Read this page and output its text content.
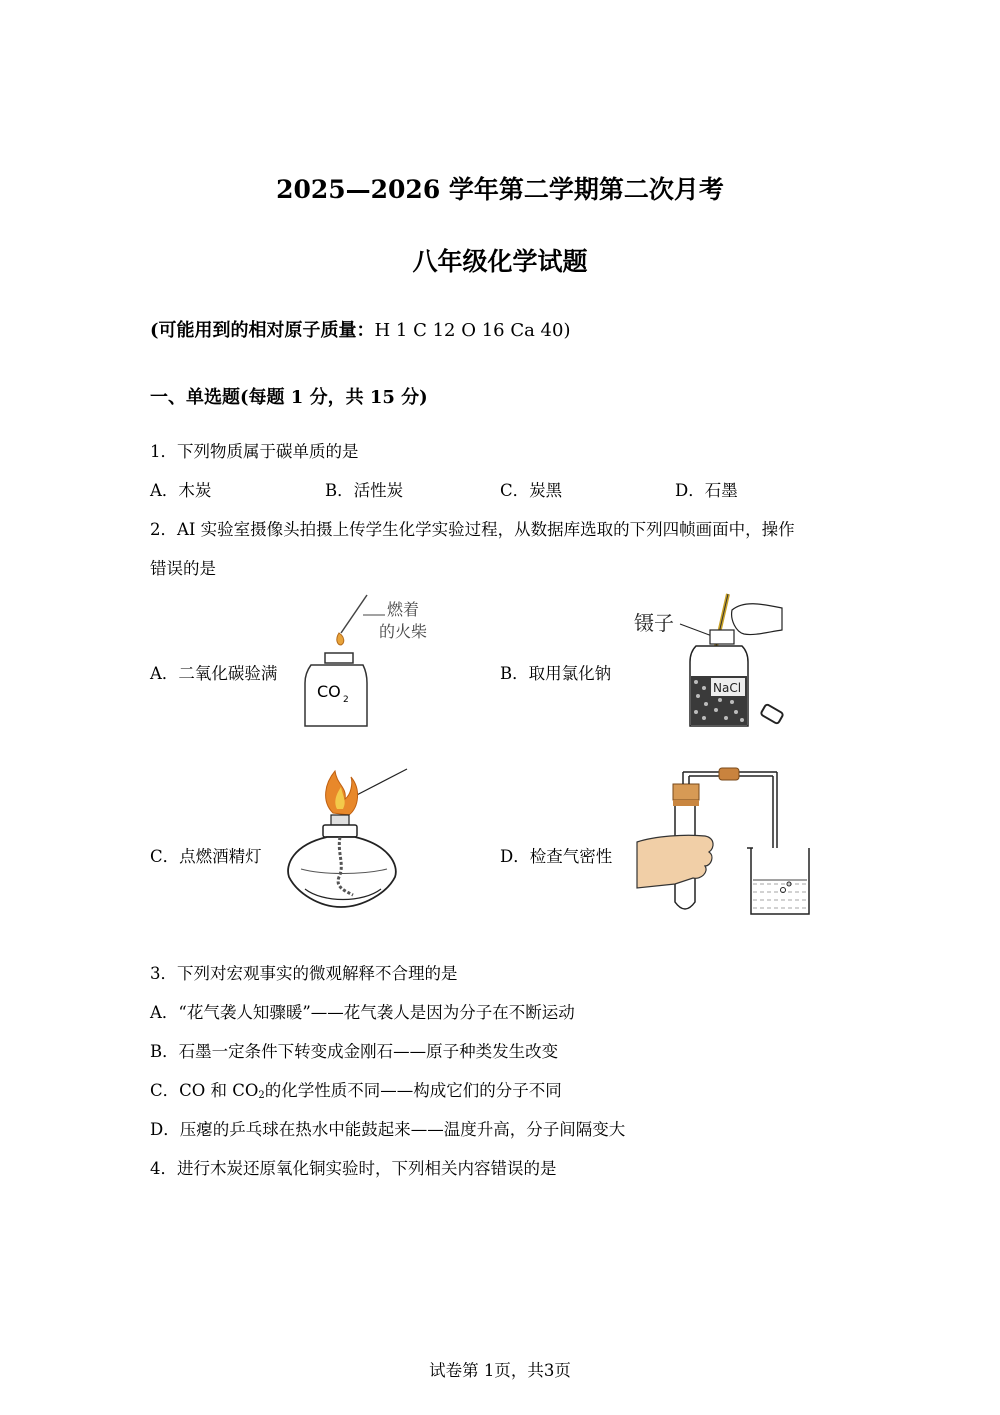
2025—2026 学年第二学期第二次月考
八年级化学试题
(可能用到的相对原子质量：H 1 C 12 O 16 Ca 40)
一、单选题(每题 1 分，共 15 分)
1．下列物质属于碳单质的是
A．木炭	B．活性炭	C．炭黑	D．石墨
2．AI 实验室摄像头拍摄上传学生化学实验过程，从数据库选取的下列四帧画面中，操作
错误的是
A．二氧化碳验满	B．取用氯化钠
C．点燃酒精灯	D．检查气密性
燃着
的火柴
CO 2
镊子
NaCl
3．下列对宏观事实的微观解释不合理的是
A．“花气袭人知骤暖”——花气袭人是因为分子在不断运动
B．石墨一定条件下转变成金刚石——原子种类发生改变
C．CO 和 $CO_2$的化学性质不同——构成它们的分子不同
D．压瘪的乒乓球在热水中能鼓起来——温度升高，分子间隔变大
4．进行木炭还原氧化铜实验时，下列相关内容错误的是
试卷第 1页，共3页
